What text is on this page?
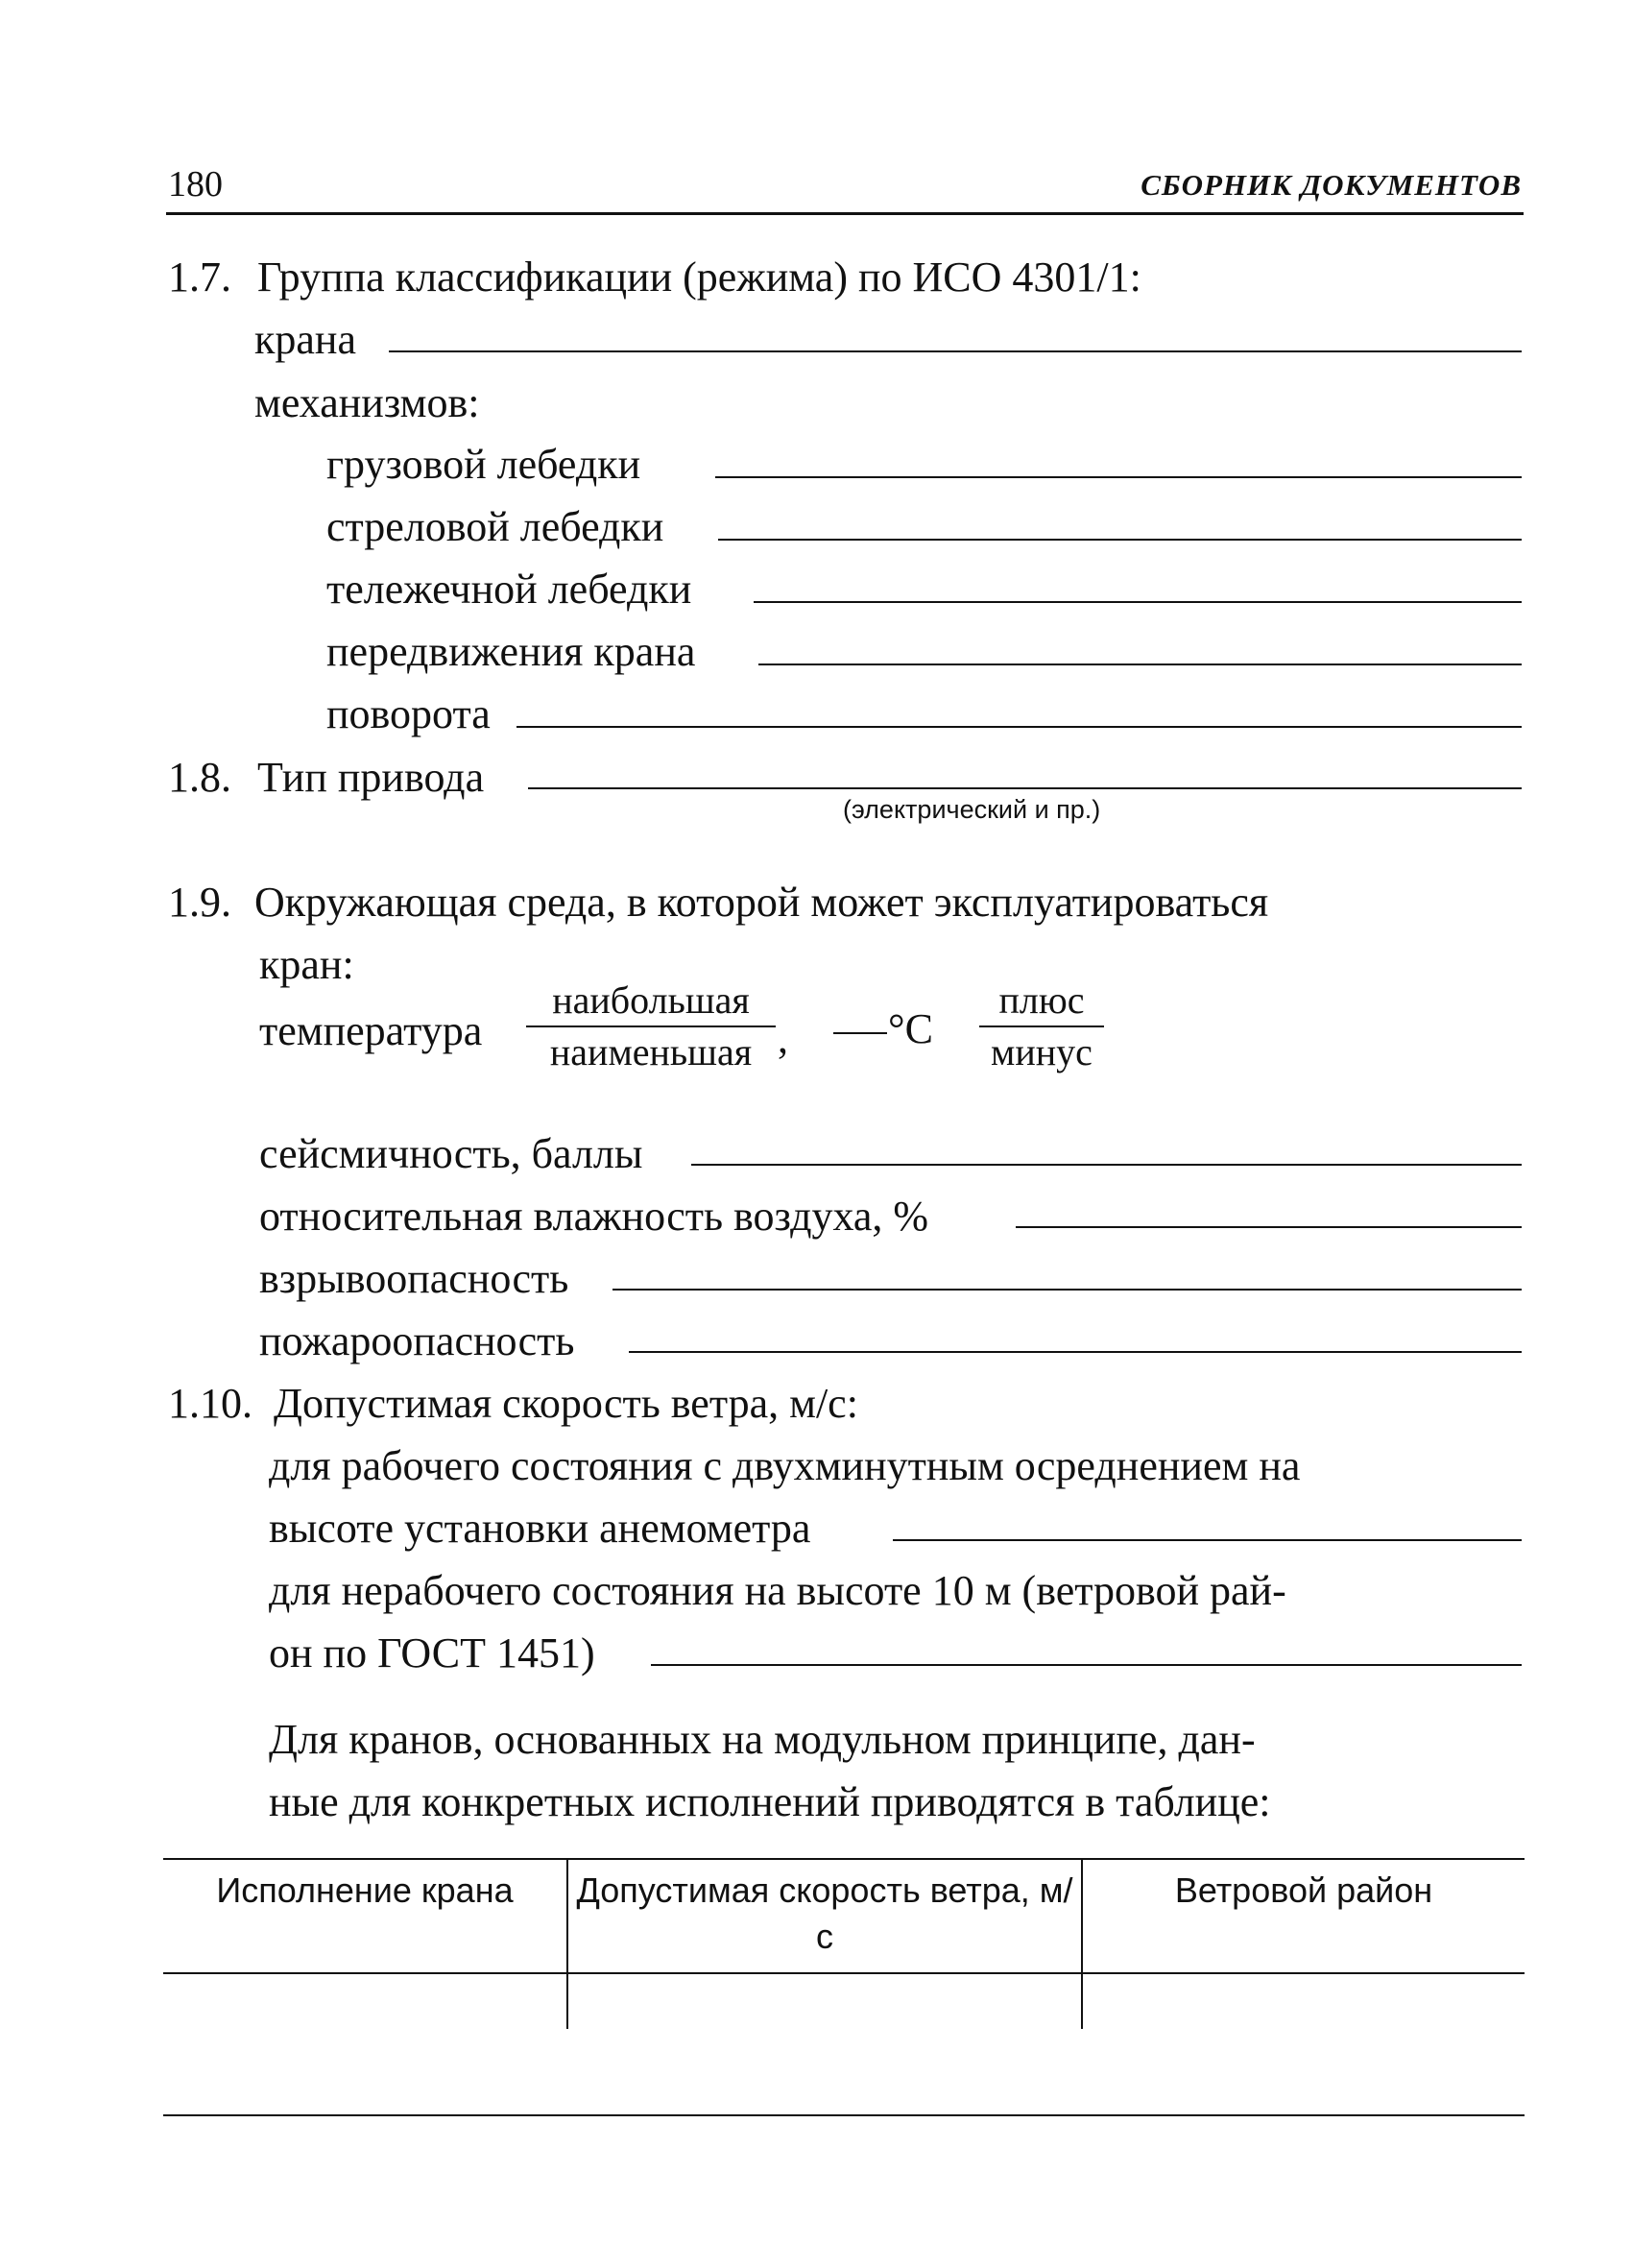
180	СБОРНИК ДОКУМЕНТОВ
1.7. Группа классификации (режима) по ИСО 4301/1:
крана
механизмов:
грузовой лебедки
стреловой лебедки
тележечной лебедки
передвижения крана
поворота
1.8. Тип привода
(электрический и пр.)
1.9. Окружающая среда, в которой может эксплуатироваться
кран:
температура
наибольшая
наименьшая , °С
плюс
минус
сейсмичность, баллы
относительная влажность воздуха, %
взрывоопасность
пожароопасность
1.10. Допустимая скорость ветра, м/с:
для рабочего состояния с двухминутным осреднением на
высоте установки анемометра
для нерабочего состояния на высоте 10 м (ветровой рай-
он по ГОСТ 1451)
Для кранов, основанных на модульном принципе, дан-
ные для конкретных исполнений приводятся в таблице:
Исполнение крана	Допустимая скорость ветра, м/с
Ветровой район
